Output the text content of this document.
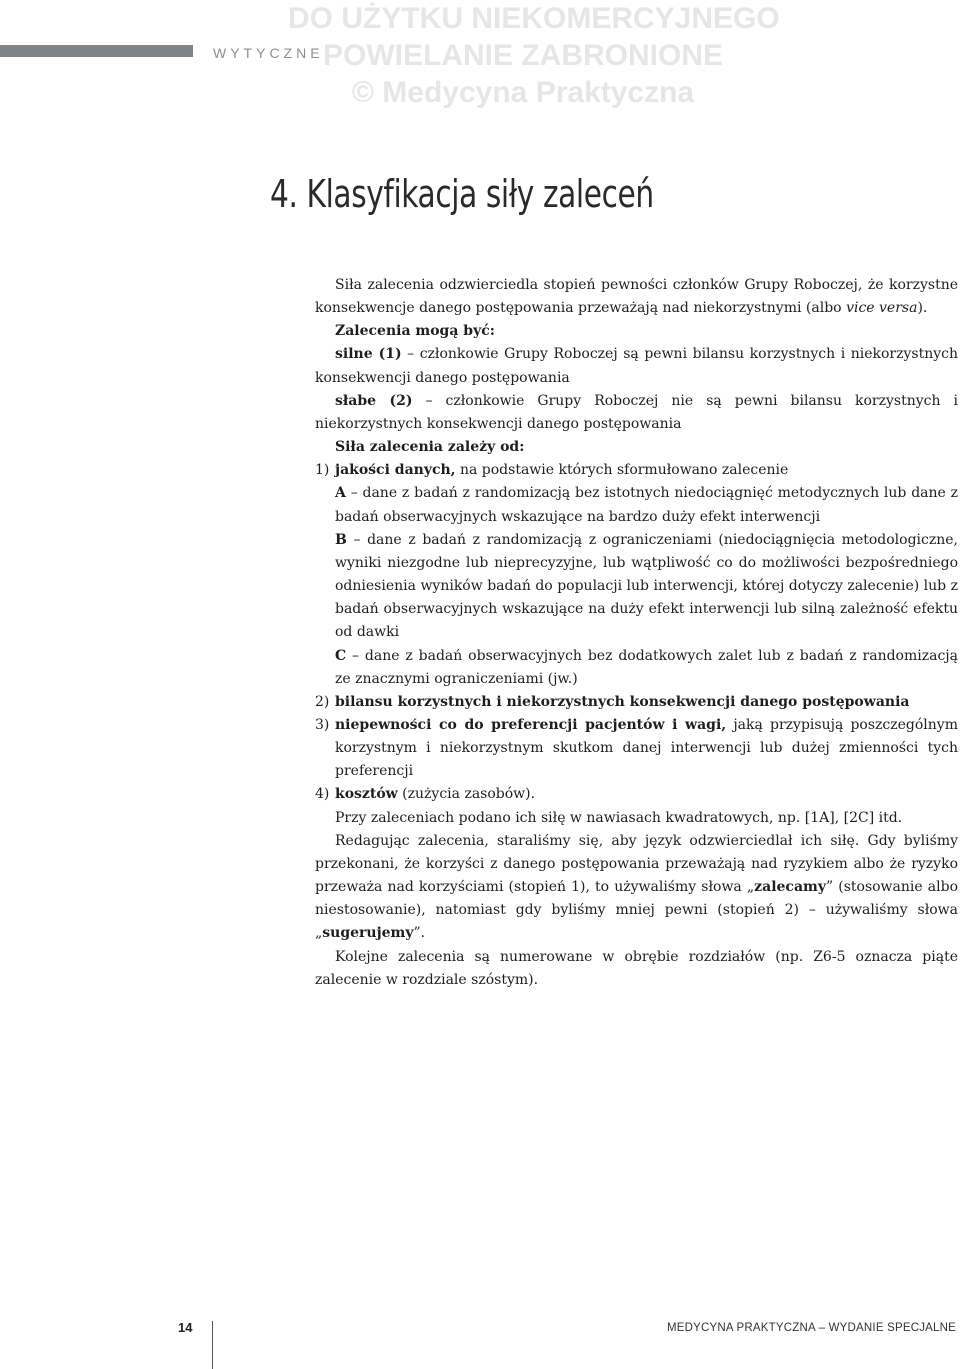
WYTYCZNE
DO UŻYTKU NIEKOMERCYJNEGO
POWIELANIE ZABRONIONE
© Medycyna Praktyczna
4. Klasyfikacja siły zaleceń

Siła zalecenia odzwierciedla stopień pewności członków Grupy Roboczej, że korzystne konsekwencje danego postępowania przeważają nad niekorzystnymi (albo vice versa).

Zalecenia mogą być:

silne (1) – członkowie Grupy Roboczej są pewni bilansu korzystnych i niekorzystnych konsekwencji danego postępowania

słabe (2) – członkowie Grupy Roboczej nie są pewni bilansu korzystnych i niekorzystnych konsekwencji danego postępowania

Siła zalecenia zależy od:

1) jakości danych, na podstawie których sformułowano zalecenie

A – dane z badań z randomizacją bez istotnych niedociągnięć metodycznych lub dane z badań obserwacyjnych wskazujące na bardzo duży efekt interwencji

B – dane z badań z randomizacją z ograniczeniami (niedociągnięcia metodologiczne, wyniki niezgodne lub nieprecyzyjne, lub wątpliwość co do możliwości bezpośredniego odniesienia wyników badań do populacji lub interwencji, której dotyczy zalecenie) lub z badań obserwacyjnych wskazujące na duży efekt interwencji lub silną zależność efektu od dawki

C – dane z badań obserwacyjnych bez dodatkowych zalet lub z badań z randomizacją ze znacznymi ograniczeniami (jw.)

2) bilansu korzystnych i niekorzystnych konsekwencji danego postępowania
3) niepewności co do preferencji pacjentów i wagi, jaką przypisują poszczególnym korzystnym i niekorzystnym skutkom danej interwencji lub dużej zmienności tych preferencji
4) kosztów (zużycia zasobów).

Przy zaleceniach podano ich siłę w nawiasach kwadratowych, np. [1A], [2C] itd.

Redagując zalecenia, staraliśmy się, aby język odzwierciedlał ich siłę. Gdy byliśmy przekonani, że korzyści z danego postępowania przeważają nad ryzykiem albo że ryzyko przeważa nad korzyściami (stopień 1), to używaliśmy słowa „zalecamy” (stosowanie albo niestosowanie), natomiast gdy byliśmy mniej pewni (stopień 2) – używaliśmy słowa „sugerujemy”.

Kolejne zalecenia są numerowane w obrębie rozdziałów (np. Z6-5 oznacza piąte zalecenie w rozdziale szóstym).

14	MEDYCYNA PRAKTYCZNA – WYDANIE SPECJALNE
